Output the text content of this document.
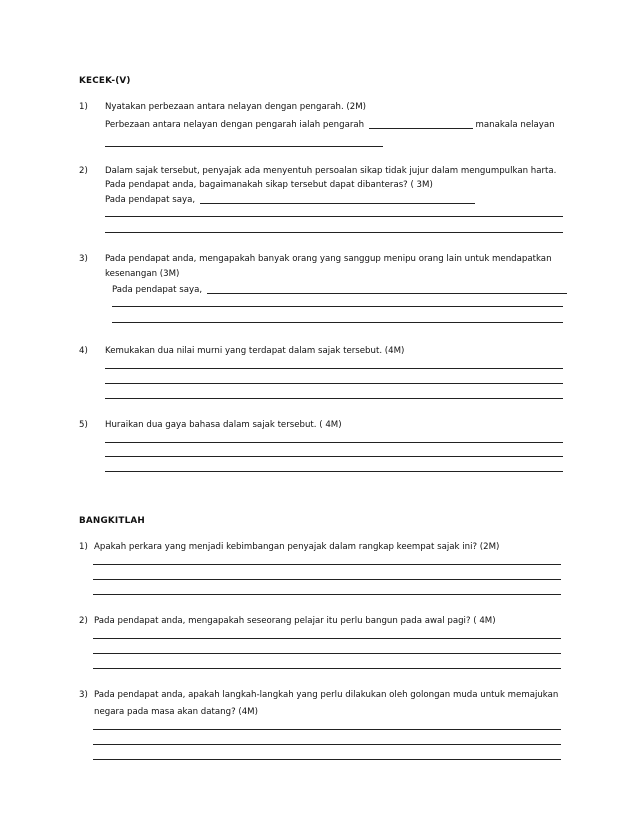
KECEK-(V)
1) Nyatakan perbezaan antara nelayan dengan pengarah. (2M)
Perbezaan antara nelayan dengan pengarah ialah pengarah	manakala nelayan
2) Dalam sajak tersebut, penyajak ada menyentuh persoalan sikap tidak jujur dalam mengumpulkan harta.
Pada pendapat anda, bagaimanakah sikap tersebut dapat dibanteras? ( 3M)
Pada pendapat saya,
3) Pada pendapat anda, mengapakah banyak orang yang sanggup menipu orang lain untuk mendapatkan
kesenangan (3M)
Pada pendapat saya,
4) Kemukakan dua nilai murni yang terdapat dalam sajak tersebut. (4M)
5) Huraikan dua gaya bahasa dalam sajak tersebut. ( 4M)
BANGKITLAH
1) Apakah perkara yang menjadi kebimbangan penyajak dalam rangkap keempat sajak ini? (2M)
2) Pada pendapat anda, mengapakah seseorang pelajar itu perlu bangun pada awal pagi? ( 4M)
3) Pada pendapat anda, apakah langkah-langkah yang perlu dilakukan oleh golongan muda untuk memajukan
negara pada masa akan datang? (4M)
